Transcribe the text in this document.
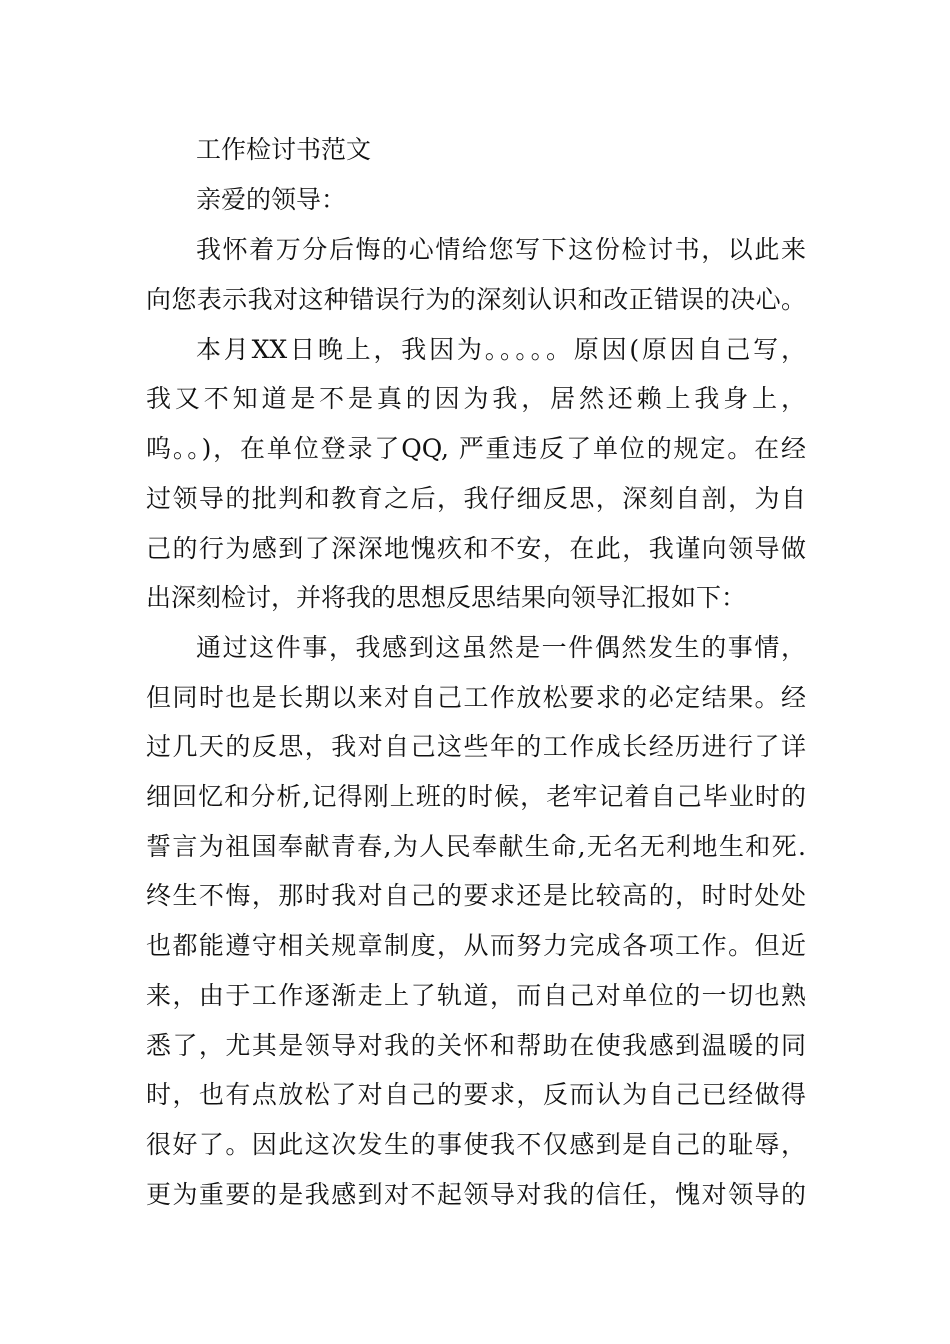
工作检讨书范文
亲爱的领导：
我怀着万分后悔的心情给您写下这份检讨书，以此来
向您表示我对这种错误行为的深刻认识和改正错误的决心。
本月XX日晚上，我因为。。。。。原因(原因自己写，
我又不知道是不是真的因为我，居然还赖上我身上，
呜。。)，在单位登录了QQ, 严重违反了单位的规定。在经
过领导的批判和教育之后，我仔细反思，深刻自剖，为自
己的行为感到了深深地愧疚和不安，在此，我谨向领导做
出深刻检讨，并将我的思想反思结果向领导汇报如下：
通过这件事，我感到这虽然是一件偶然发生的事情，
但同时也是长期以来对自己工作放松要求的必定结果。经
过几天的反思，我对自己这些年的工作成长经历进行了详
细回忆和分析,记得刚上班的时候，老牢记着自己毕业时的
誓言为祖国奉献青春,为人民奉献生命,无名无利地生和死.
终生不悔，那时我对自己的要求还是比较高的，时时处处
也都能遵守相关规章制度，从而努力完成各项工作。但近
来，由于工作逐渐走上了轨道，而自己对单位的一切也熟
悉了，尤其是领导对我的关怀和帮助在使我感到温暖的同
时，也有点放松了对自己的要求，反而认为自己已经做得
很好了。因此这次发生的事使我不仅感到是自己的耻辱，
更为重要的是我感到对不起领导对我的信任，愧对领导的
